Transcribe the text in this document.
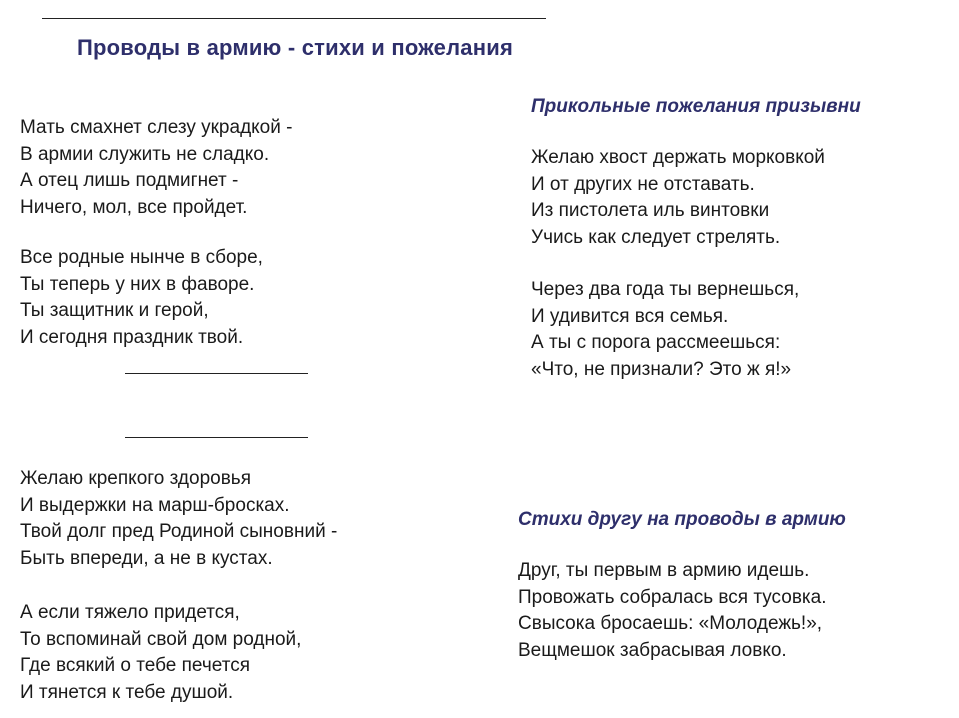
Проводы в армию - стихи и пожелания
Мать смахнет слезу украдкой -
В армии служить не сладко.
А отец лишь подмигнет -
Ничего, мол, все пройдет.
Все родные нынче в сборе,
Ты теперь у них в фаворе.
Ты защитник и герой,
И сегодня праздник твой.
Желаю крепкого здоровья
И выдержки на марш-бросках.
Твой долг пред Родиной сыновний -
Быть впереди, а не в кустах.
А если тяжело придется,
То вспоминай свой дом родной,
Где всякий о тебе печется
И тянется к тебе душой.
Прикольные пожелания призывни
Желаю хвост держать морковкой
И от других не отставать.
Из пистолета иль винтовки
Учись как следует стрелять.
Через два года ты вернешься,
И удивится вся семья.
А ты с порога рассмеешься:
«Что, не признали? Это ж я!»
Стихи другу на проводы в армию
Друг, ты первым в армию идешь.
Провожать собралась вся тусовка.
Свысока бросаешь: «Молодежь!»,
Вещмешок забрасывая ловко.
